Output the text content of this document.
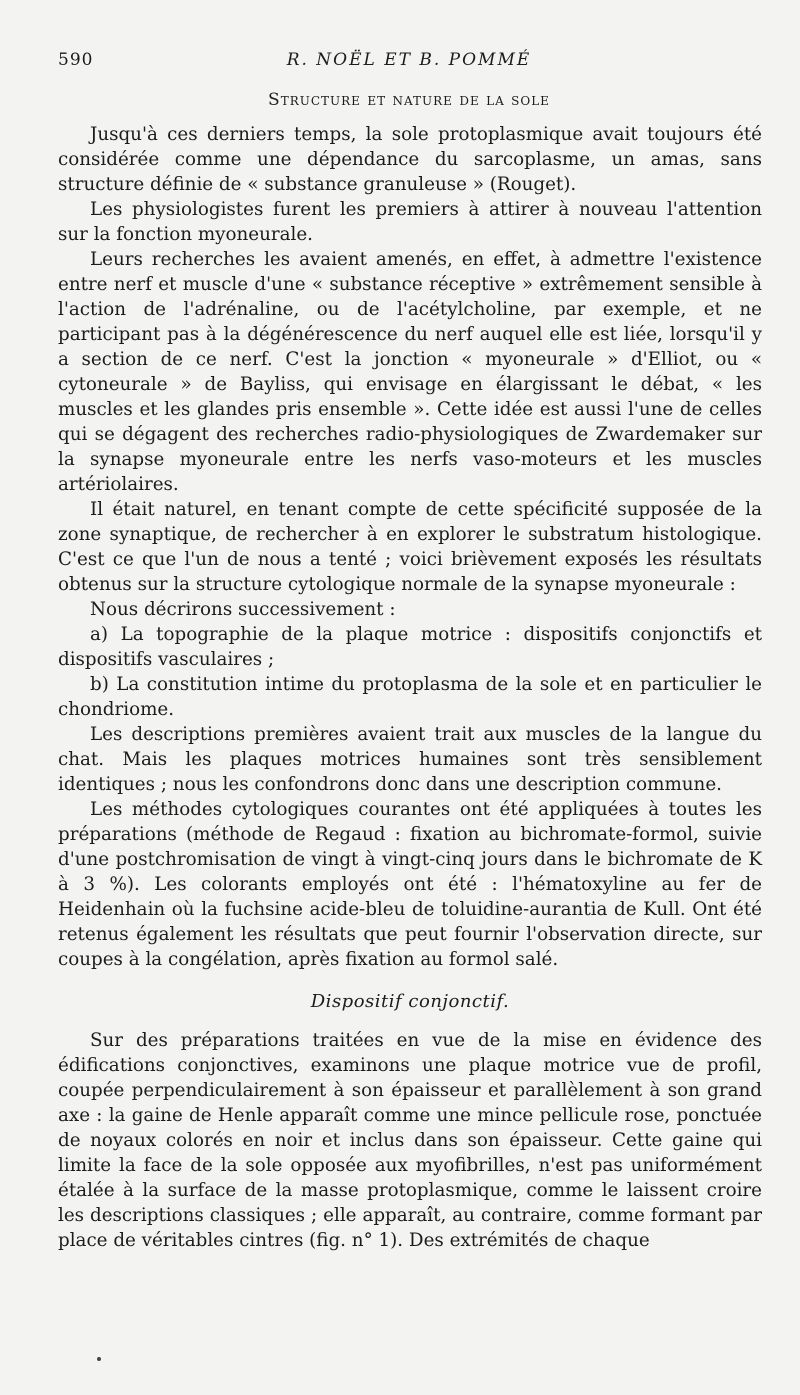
590	R. NOËL ET B. POMMÉ
Structure et nature de la sole

Jusqu'à ces derniers temps, la sole protoplasmique avait toujours été considérée comme une dépendance du sarcoplasme, un amas, sans structure définie de « substance granuleuse » (Rouget).

Les physiologistes furent les premiers à attirer à nouveau l'attention sur la fonction myoneurale.

Leurs recherches les avaient amenés, en effet, à admettre l'existence entre nerf et muscle d'une « substance réceptive » extrêmement sensible à l'action de l'adrénaline, ou de l'acétylcholine, par exemple, et ne participant pas à la dégénérescence du nerf auquel elle est liée, lorsqu'il y a section de ce nerf. C'est la jonction « myoneurale » d'Elliot, ou « cytoneurale » de Bayliss, qui envisage en élargissant le débat, « les muscles et les glandes pris ensemble ». Cette idée est aussi l'une de celles qui se dégagent des recherches radio-physiologiques de Zwardemaker sur la synapse myoneurale entre les nerfs vaso-moteurs et les muscles artériolaires.

Il était naturel, en tenant compte de cette spécificité supposée de la zone synaptique, de rechercher à en explorer le substratum histologique. C'est ce que l'un de nous a tenté ; voici brièvement exposés les résultats obtenus sur la structure cytologique normale de la synapse myoneurale :

Nous décrirons successivement :

a) La topographie de la plaque motrice : dispositifs conjonctifs et dispositifs vasculaires ;

b) La constitution intime du protoplasma de la sole et en particulier le chondriome.

Les descriptions premières avaient trait aux muscles de la langue du chat. Mais les plaques motrices humaines sont très sensiblement identiques ; nous les confondrons donc dans une description commune.

Les méthodes cytologiques courantes ont été appliquées à toutes les préparations (méthode de Regaud : fixation au bichromate-formol, suivie d'une postchromisation de vingt à vingt-cinq jours dans le bichromate de K à 3 %). Les colorants employés ont été : l'hématoxyline au fer de Heidenhain où la fuchsine acide-bleu de toluidine-aurantia de Kull. Ont été retenus également les résultats que peut fournir l'observation directe, sur coupes à la congélation, après fixation au formol salé.

Dispositif conjonctif.

Sur des préparations traitées en vue de la mise en évidence des édifications conjonctives, examinons une plaque motrice vue de profil, coupée perpendiculairement à son épaisseur et parallèlement à son grand axe : la gaine de Henle apparaît comme une mince pellicule rose, ponctuée de noyaux colorés en noir et inclus dans son épaisseur. Cette gaine qui limite la face de la sole opposée aux myofibrilles, n'est pas uniformément étalée à la surface de la masse protoplasmique, comme le laissent croire les descriptions classiques ; elle apparaît, au contraire, comme formant par place de véritables cintres (fig. n° 1). Des extrémités de chaque
